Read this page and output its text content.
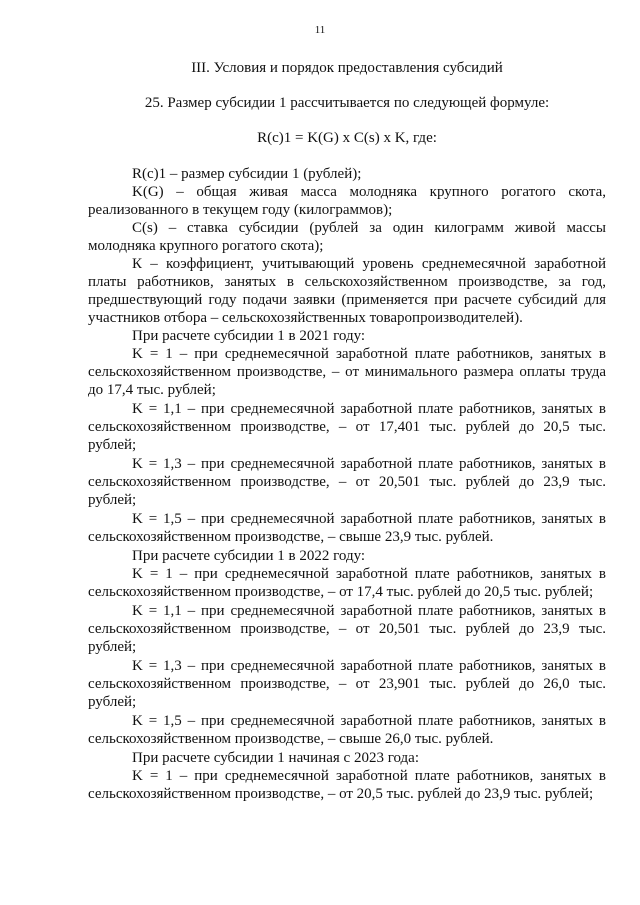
11
III. Условия и порядок предоставления субсидий
25. Размер субсидии 1 рассчитывается по следующей формуле:
R(c)1 = K(G) x C(s) x K, где:
R(c)1 – размер субсидии 1 (рублей);
K(G) – общая живая масса молодняка крупного рогатого скота, реализованного в текущем году (килограммов);
C(s) – ставка субсидии (рублей за один килограмм живой массы молодняка крупного рогатого скота);
К – коэффициент, учитывающий уровень среднемесячной заработной платы работников, занятых в сельскохозяйственном производстве, за год, предшествующий году подачи заявки (применяется при расчете субсидий для участников отбора – сельскохозяйственных товаропроизводителей).
При расчете субсидии 1 в 2021 году:
K = 1 – при среднемесячной заработной плате работников, занятых в сельскохозяйственном производстве, – от минимального размера оплаты труда до 17,4 тыс. рублей;
K = 1,1 – при среднемесячной заработной плате работников, занятых в сельскохозяйственном производстве, – от 17,401 тыс. рублей до 20,5 тыс. рублей;
K = 1,3 – при среднемесячной заработной плате работников, занятых в сельскохозяйственном производстве, – от 20,501 тыс. рублей до 23,9 тыс. рублей;
K = 1,5 – при среднемесячной заработной плате работников, занятых в сельскохозяйственном производстве, – свыше 23,9 тыс. рублей.
При расчете субсидии 1 в 2022 году:
K = 1 – при среднемесячной заработной плате работников, занятых в сельскохозяйственном производстве, – от 17,4 тыс. рублей до 20,5 тыс. рублей;
K = 1,1 – при среднемесячной заработной плате работников, занятых в сельскохозяйственном производстве, – от 20,501 тыс. рублей до 23,9 тыс. рублей;
K = 1,3 – при среднемесячной заработной плате работников, занятых в сельскохозяйственном производстве, – от 23,901 тыс. рублей до 26,0 тыс. рублей;
K = 1,5 – при среднемесячной заработной плате работников, занятых в сельскохозяйственном производстве, – свыше 26,0 тыс. рублей.
При расчете субсидии 1 начиная с 2023 года:
K = 1 – при среднемесячной заработной плате работников, занятых в сельскохозяйственном производстве, – от 20,5 тыс. рублей до 23,9 тыс. рублей;
